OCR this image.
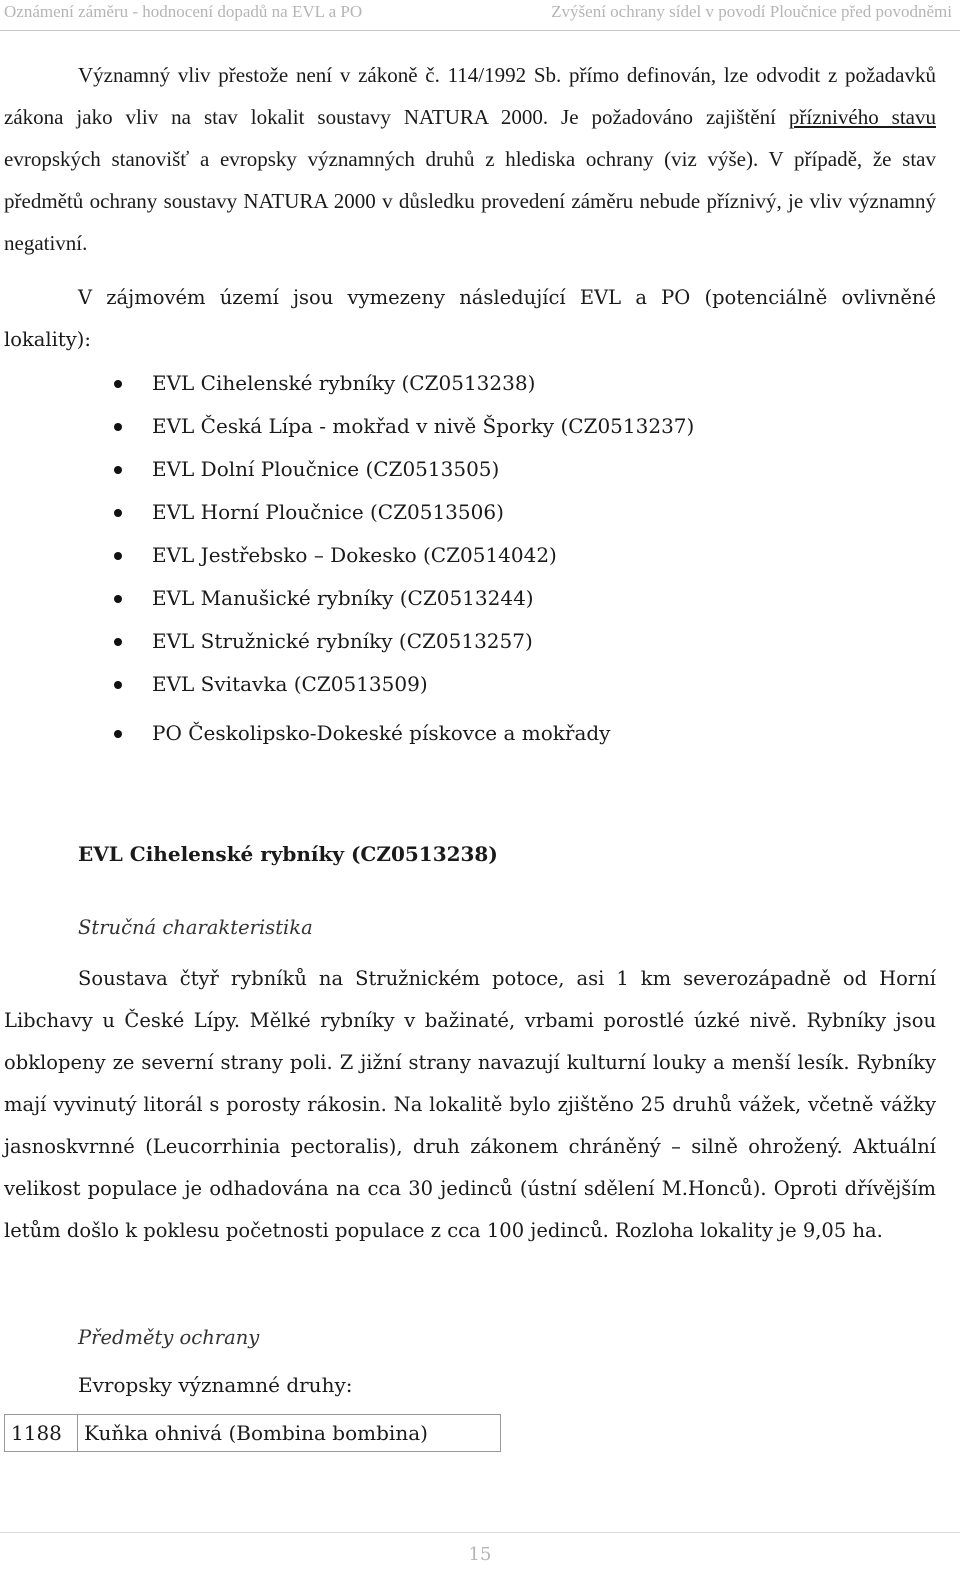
Oznámení záměru - hodnocení dopadů na EVL a PO	Zvýšení ochrany sídel v povodí Ploučnice před povodněmi
Významný vliv přestože není v zákoně č. 114/1992 Sb. přímo definován, lze odvodit z požadavků zákona jako vliv na stav lokalit soustavy NATURA 2000. Je požadováno zajištění příznivého stavu evropských stanovišť a evropsky významných druhů z hlediska ochrany (viz výše). V případě, že stav předmětů ochrany soustavy NATURA 2000 v důsledku provedení záměru nebude příznivý, je vliv významný negativní.
V zájmovém území jsou vymezeny následující EVL a PO (potenciálně ovlivněné lokality):
EVL Cihelenské rybníky (CZ0513238)
EVL Česká Lípa - mokřad v nivě Šporky (CZ0513237)
EVL Dolní Ploučnice (CZ0513505)
EVL Horní Ploučnice (CZ0513506)
EVL Jestřebsko – Dokesko (CZ0514042)
EVL Manušické rybníky (CZ0513244)
EVL Stružnické rybníky (CZ0513257)
EVL Svitavka (CZ0513509)
PO Českolipsko-Dokeské pískovce a mokřady
EVL Cihelenské rybníky (CZ0513238)
Stručná charakteristika
Soustava čtyř rybníků na Stružnickém potoce, asi 1 km severozápadně od Horní Libchavy u České Lípy. Mělké rybníky v bažinaté, vrbami porostlé úzké nivě. Rybníky jsou obklopeny ze severní strany poli. Z jižní strany navazují kulturní louky a menší lesík. Rybníky mají vyvinutý litorál s porosty rákosin. Na lokalitě bylo zjištěno 25 druhů vážek, včetně vážky jasnoskvrnné (Leucorrhinia pectoralis), druh zákonem chráněný – silně ohrožený. Aktuální velikost populace je odhadována na cca 30 jedinců (ústní sdělení M.Honců). Oproti dřívějším letům došlo k poklesu početnosti populace z cca 100 jedinců. Rozloha lokality je 9,05 ha.
Předměty ochrany
Evropsky významné druhy:
1188	Kuňka ohnivá (Bombina bombina)
15
